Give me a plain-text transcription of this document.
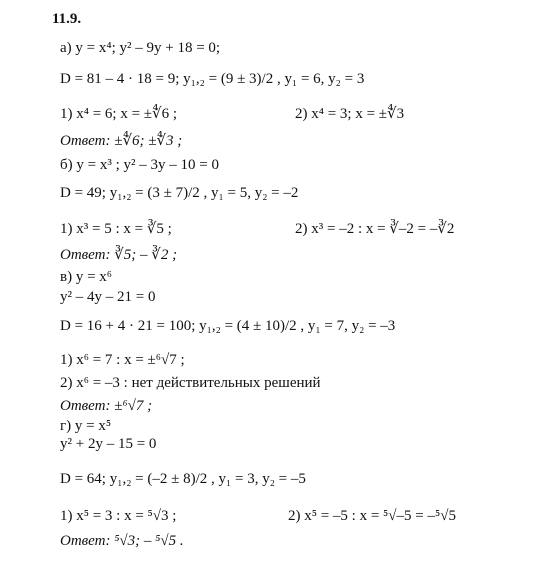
11.9.
а) y = x⁴; y² – 9y + 18 = 0;
D = 81 – 4 · 18 = 9; y₁,₂ = (9 ± 3)/2 , y₁ = 6, y₂ = 3
1) x⁴ = 6; x = ±∜6 ;	2) x⁴ = 3; x = ±∜3
Ответ: ±∜6; ±∜3 ;
б) y = x³ ; y² – 3y – 10 = 0
D = 49; y₁,₂ = (3 ± 7)/2 , y₁ = 5, y₂ = –2
1) x³ = 5 : x = ∛5 ;	2) x³ = –2 : x = ∛–2 = –∛2
Ответ: ∛5; – ∛2 ;
в) y = x⁶
y² – 4y – 21 = 0
D = 16 + 4 · 21 = 100; y₁,₂ = (4 ± 10)/2 , y₁ = 7, y₂ = –3
1) x⁶ = 7 : x = ±⁶√7 ;
2) x⁶ = –3 : нет действительных решений
Ответ: ±⁶√7 ;
г) y = x⁵
y² + 2y – 15 = 0
D = 64; y₁,₂ = (–2 ± 8)/2 , y₁ = 3, y₂ = –5
1) x⁵ = 3 : x = ⁵√3 ;	2) x⁵ = –5 : x = ⁵√–5 = –⁵√5
Ответ: ⁵√3; – ⁵√5 .
